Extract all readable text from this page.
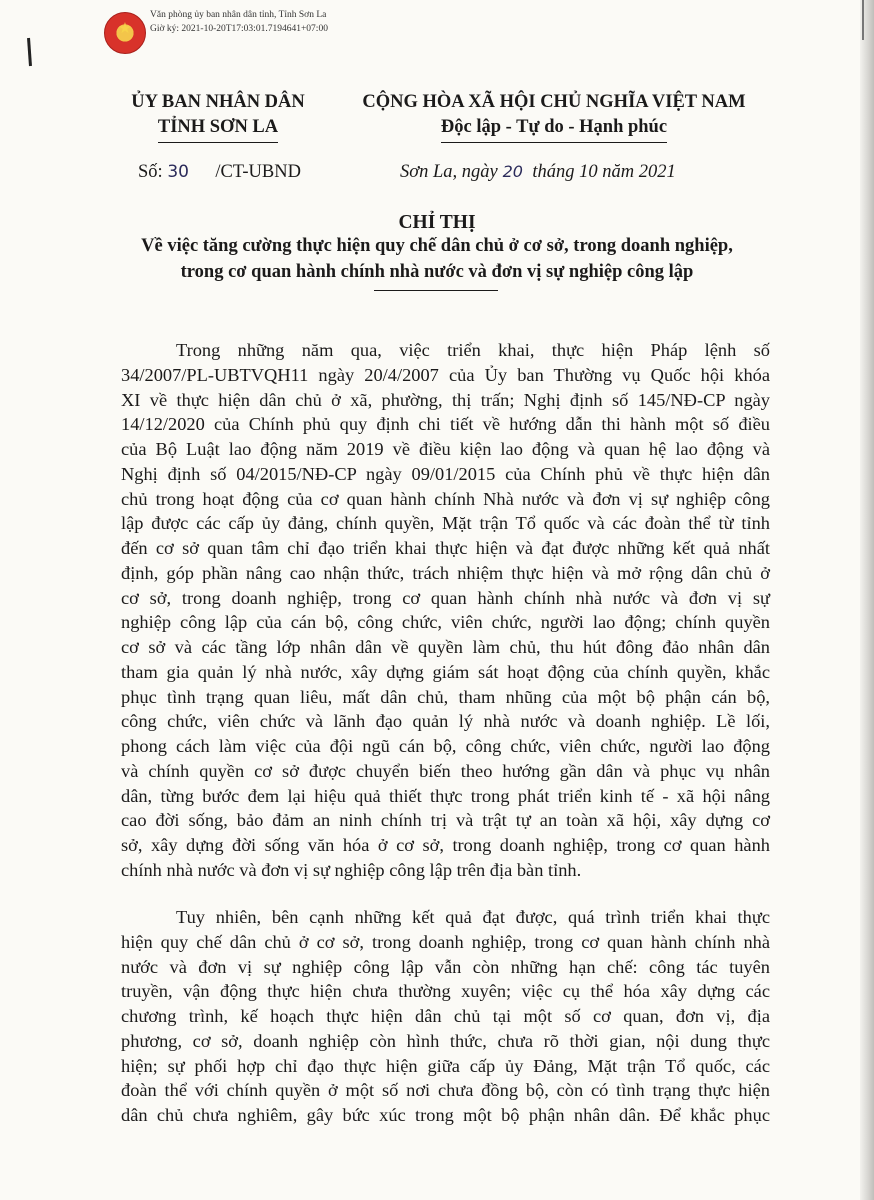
★
Văn phòng ủy ban nhân dân tỉnh, Tỉnh Sơn La
Giờ ký: 2021-10-20T17:03:01.7194641+07:00
ỦY BAN NHÂN DÂN
TỈNH SƠN LA
CỘNG HÒA XÃ HỘI CHỦ NGHĨA VIỆT NAM
Độc lập - Tự do - Hạnh phúc
Số: 30 /CT-UBND	Sơn La, ngày 20 tháng 10 năm 2021
CHỈ THỊ
Về việc tăng cường thực hiện quy chế dân chủ ở cơ sở, trong doanh nghiệp,
trong cơ quan hành chính nhà nước và đơn vị sự nghiệp công lập
Trong những năm qua, việc triển khai, thực hiện Pháp lệnh số
34/2007/PL-UBTVQH11 ngày 20/4/2007 của Ủy ban Thường vụ Quốc hội khóa
XI về thực hiện dân chủ ở xã, phường, thị trấn; Nghị định số 145/NĐ-CP ngày
14/12/2020 của Chính phủ quy định chi tiết về hướng dẫn thi hành một số điều
của Bộ Luật lao động năm 2019 về điều kiện lao động và quan hệ lao động và
Nghị định số 04/2015/NĐ-CP ngày 09/01/2015 của Chính phủ về thực hiện dân
chủ trong hoạt động của cơ quan hành chính Nhà nước và đơn vị sự nghiệp công
lập được các cấp ủy đảng, chính quyền, Mặt trận Tổ quốc và các đoàn thể từ tỉnh
đến cơ sở quan tâm chỉ đạo triển khai thực hiện và đạt được những kết quả nhất
định, góp phần nâng cao nhận thức, trách nhiệm thực hiện và mở rộng dân chủ ở
cơ sở, trong doanh nghiệp, trong cơ quan hành chính nhà nước và đơn vị sự
nghiệp công lập của cán bộ, công chức, viên chức, người lao động; chính quyền
cơ sở và các tầng lớp nhân dân về quyền làm chủ, thu hút đông đảo nhân dân
tham gia quản lý nhà nước, xây dựng giám sát hoạt động của chính quyền, khắc
phục tình trạng quan liêu, mất dân chủ, tham nhũng của một bộ phận cán bộ,
công chức, viên chức và lãnh đạo quản lý nhà nước và doanh nghiệp. Lề lối,
phong cách làm việc của đội ngũ cán bộ, công chức, viên chức, người lao động
và chính quyền cơ sở được chuyển biến theo hướng gần dân và phục vụ nhân
dân, từng bước đem lại hiệu quả thiết thực trong phát triển kinh tế - xã hội nâng
cao đời sống, bảo đảm an ninh chính trị và trật tự an toàn xã hội, xây dựng cơ
sở, xây dựng đời sống văn hóa ở cơ sở, trong doanh nghiệp, trong cơ quan hành
chính nhà nước và đơn vị sự nghiệp công lập trên địa bàn tỉnh.
Tuy nhiên, bên cạnh những kết quả đạt được, quá trình triển khai thực
hiện quy chế dân chủ ở cơ sở, trong doanh nghiệp, trong cơ quan hành chính nhà
nước và đơn vị sự nghiệp công lập vẫn còn những hạn chế: công tác tuyên
truyền, vận động thực hiện chưa thường xuyên; việc cụ thể hóa xây dựng các
chương trình, kế hoạch thực hiện dân chủ tại một số cơ quan, đơn vị, địa
phương, cơ sở, doanh nghiệp còn hình thức, chưa rõ thời gian, nội dung thực
hiện; sự phối hợp chỉ đạo thực hiện giữa cấp ủy Đảng, Mặt trận Tổ quốc, các
đoàn thể với chính quyền ở một số nơi chưa đồng bộ, còn có tình trạng thực hiện
dân chủ chưa nghiêm, gây bức xúc trong một bộ phận nhân dân. Để khắc phục
